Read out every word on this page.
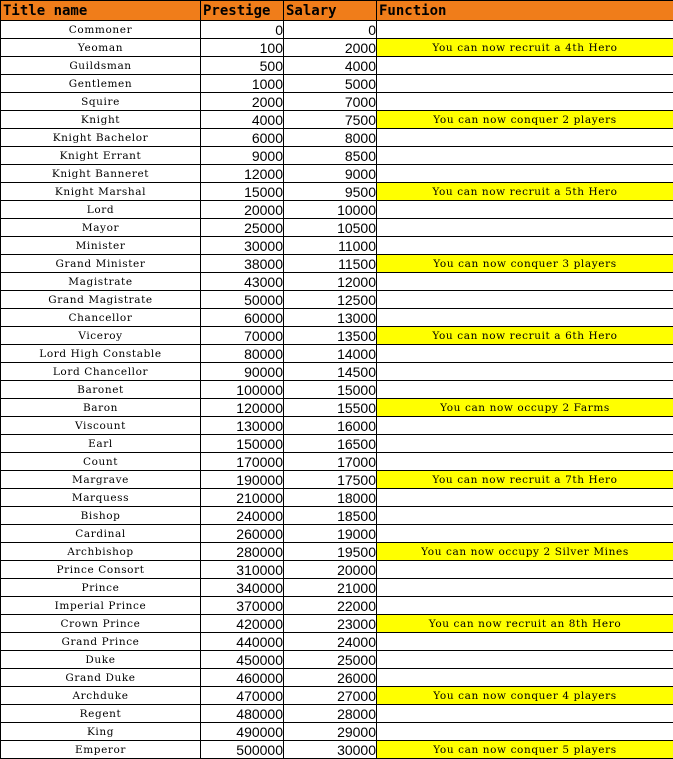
Title name	Prestige	Salary	Function
Commoner	0	0	
Yeoman	100	2000	You can now recruit a 4th Hero
Guildsman	500	4000	
Gentlemen	1000	5000	
Squire	2000	7000	
Knight	4000	7500	You can now conquer 2 players
Knight Bachelor	6000	8000	
Knight Errant	9000	8500	
Knight Banneret	12000	9000	
Knight Marshal	15000	9500	You can now recruit a 5th Hero
Lord	20000	10000	
Mayor	25000	10500	
Minister	30000	11000	
Grand Minister	38000	11500	You can now conquer 3 players
Magistrate	43000	12000	
Grand Magistrate	50000	12500	
Chancellor	60000	13000	
Viceroy	70000	13500	You can now recruit a 6th Hero
Lord High Constable	80000	14000	
Lord Chancellor	90000	14500	
Baronet	100000	15000	
Baron	120000	15500	You can now occupy 2 Farms
Viscount	130000	16000	
Earl	150000	16500	
Count	170000	17000	
Margrave	190000	17500	You can now recruit a 7th Hero
Marquess	210000	18000	
Bishop	240000	18500	
Cardinal	260000	19000	
Archbishop	280000	19500	You can now occupy 2 Silver Mines
Prince Consort	310000	20000	
Prince	340000	21000	
Imperial Prince	370000	22000	
Crown Prince	420000	23000	You can now recruit an 8th Hero
Grand Prince	440000	24000	
Duke	450000	25000	
Grand Duke	460000	26000	
Archduke	470000	27000	You can now conquer 4 players
Regent	480000	28000	
King	490000	29000	
Emperor	500000	30000	You can now conquer 5 players
